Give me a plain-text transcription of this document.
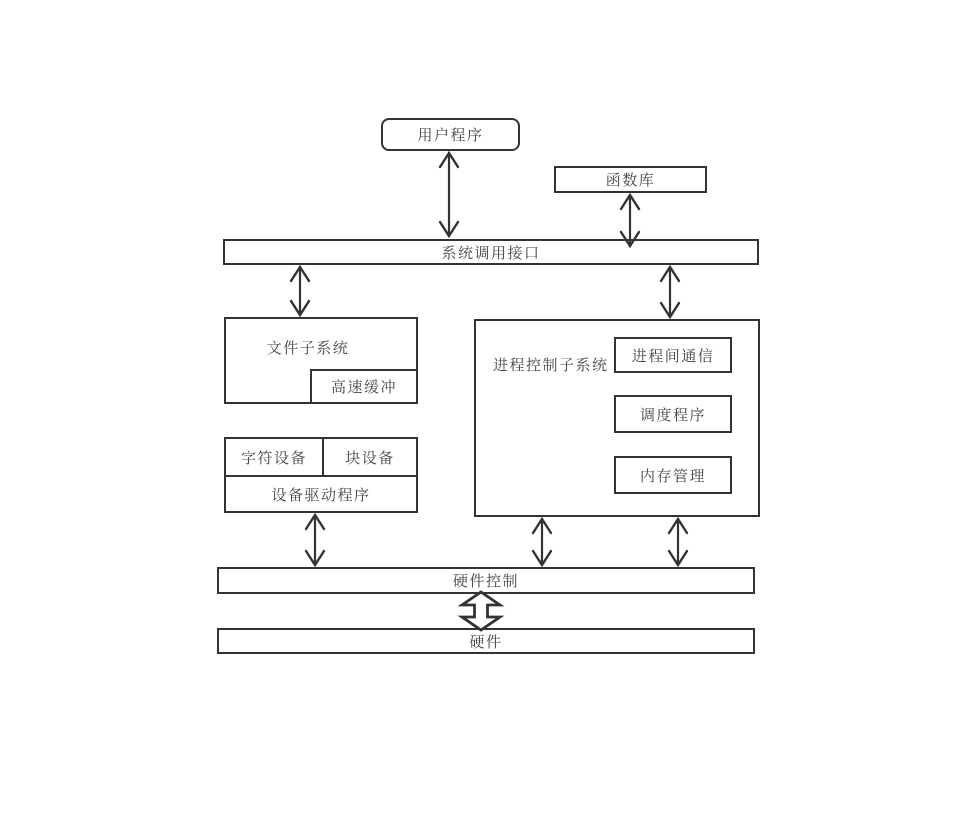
用户程序
函数库
系统调用接口
文件子系统
高速缓冲
进程控制子系统
进程间通信
调度程序
内存管理
字符设备	块设备
设备驱动程序
硬件控制
硬件
